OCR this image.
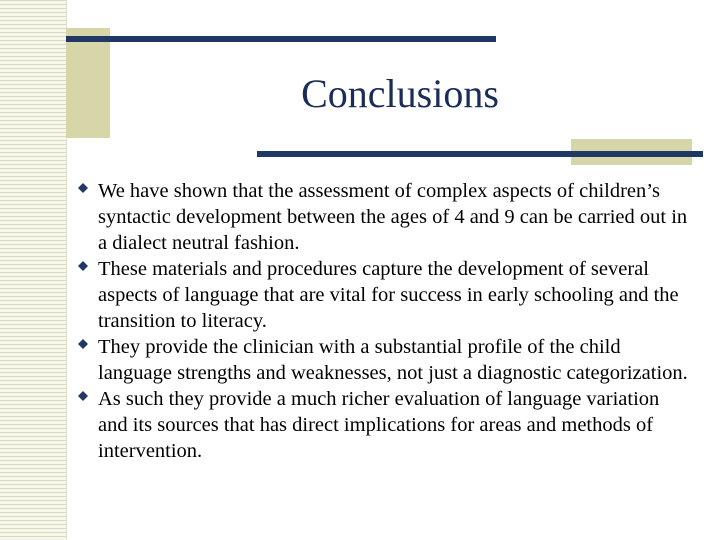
Conclusions
We have shown that the assessment of complex aspects of children’s syntactic development between the ages of 4 and 9 can be carried out in a dialect neutral fashion.
These materials and procedures capture the development of several aspects of language that are vital for success in early schooling and the transition to literacy.
They provide the clinician with a substantial profile of the child language strengths and weaknesses, not just a diagnostic categorization.
As such they provide a much richer evaluation of language variation and its sources that has direct implications for areas and methods of intervention.
